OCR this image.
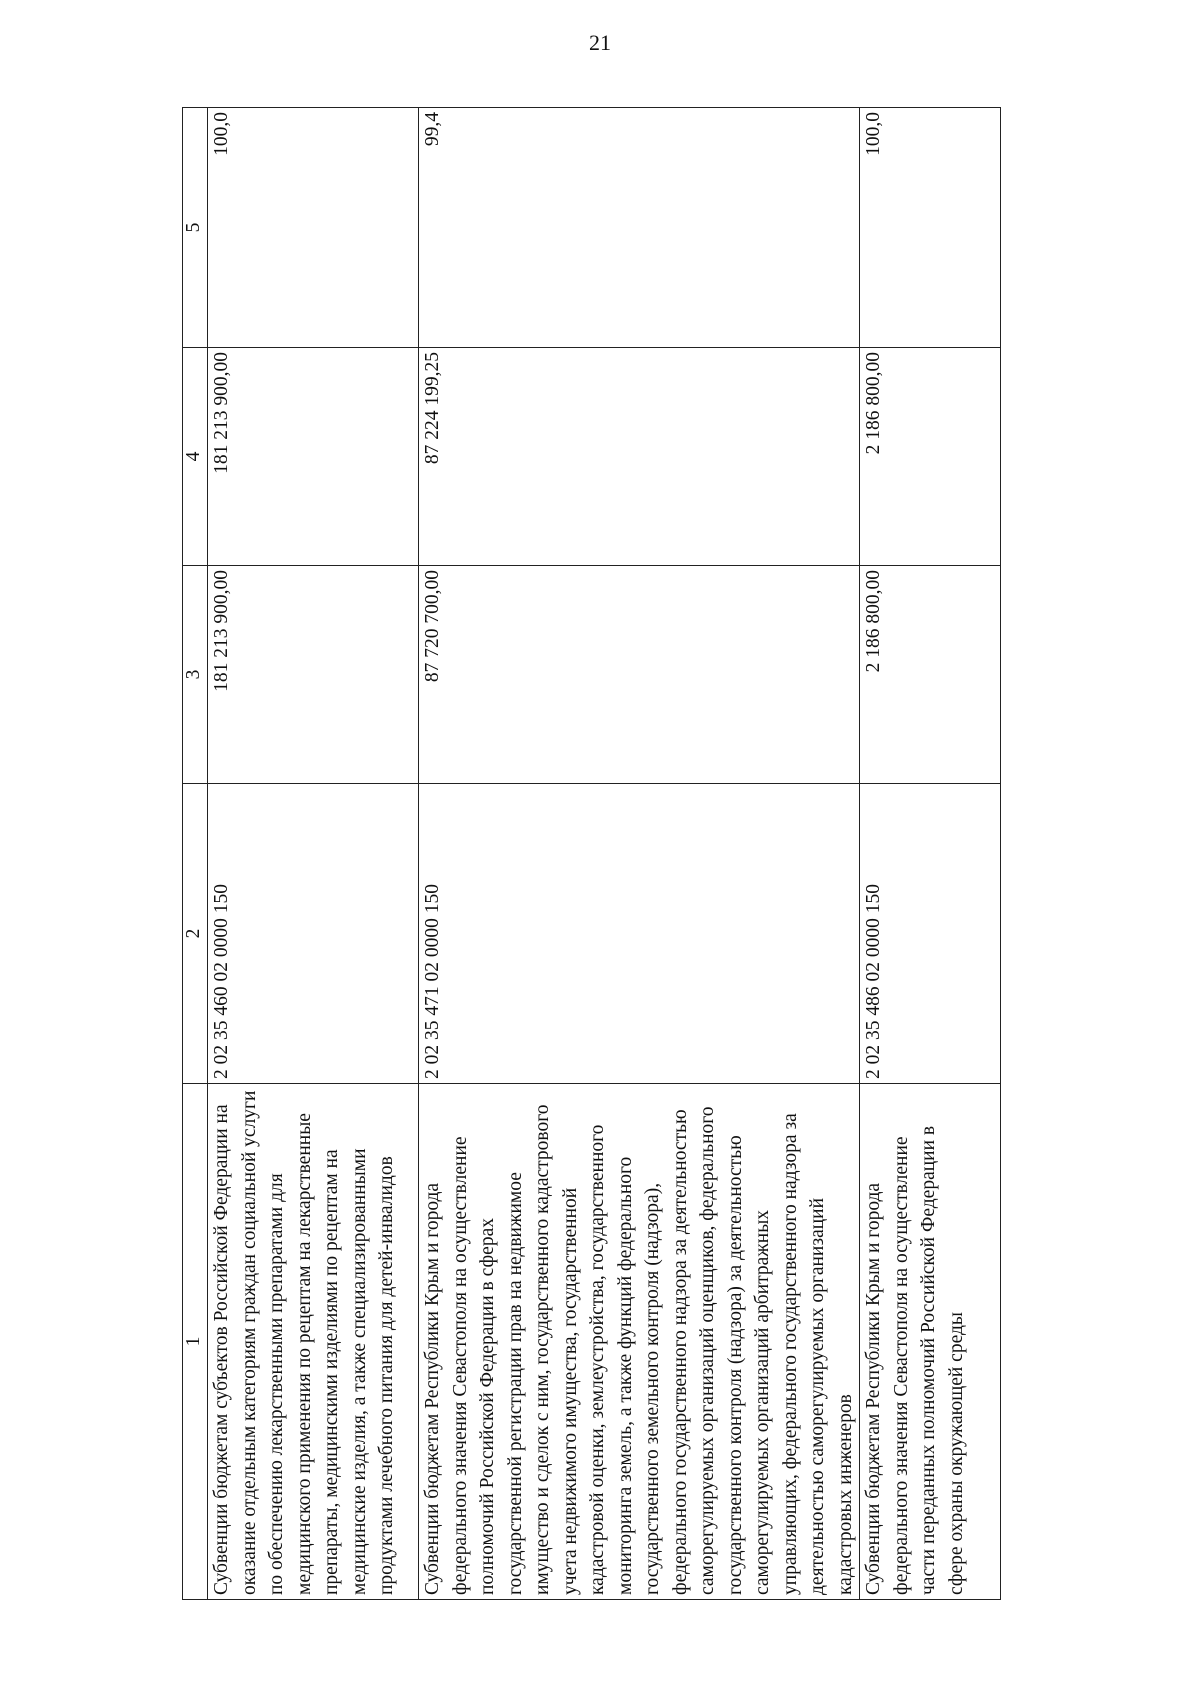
21
1	2	3	4	5
Субвенции бюджетам субъектов Российской Федерации на оказание отдельным категориям граждан социальной услуги по обеспечению лекарственными препаратами для медицинского применения по рецептам на лекарственные препараты, медицинскими изделиями по рецептам на медицинские изделия, а также специализированными продуктами лечебного питания для детей-инвалидов	2 02 35 460 02 0000 150	181 213 900,00	181 213 900,00	100,0
Субвенции бюджетам Республики Крым и города федерального значения Севастополя на осуществление полномочий Российской Федерации в сферах государственной регистрации прав на недвижимое имущество и сделок с ним, государственного кадастрового учета недвижимого имущества, государственной кадастровой оценки, землеустройства, государственного мониторинга земель, а также функций федерального государственного земельного контроля (надзора), федерального государственного надзора за деятельностью саморегулируемых организаций оценщиков, федерального государственного контроля (надзора) за деятельностью саморегулируемых организаций арбитражных управляющих, федерального государственного надзора за деятельностью саморегулируемых организаций кадастровых инженеров	2 02 35 471 02 0000 150	87 720 700,00	87 224 199,25	99,4
Субвенции бюджетам Республики Крым и города федерального значения Севастополя на осуществление части переданных полномочий Российской Федерации в сфере охраны окружающей среды	2 02 35 486 02 0000 150	2 186 800,00	2 186 800,00	100,0
